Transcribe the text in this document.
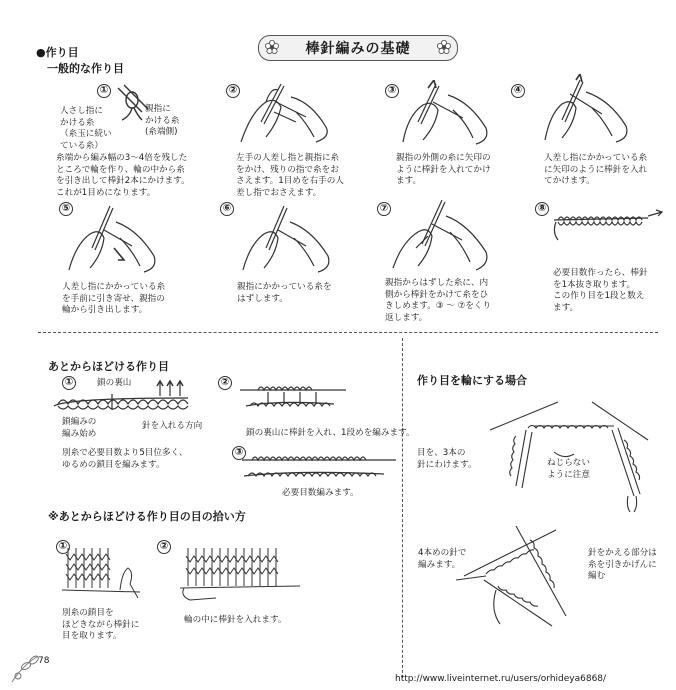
棒針編みの基礎
●作り目
一般的な作り目
①
人さし指に
かける糸
（糸玉に続い
ている糸）
親指に
かける糸
(糸端側)
糸端から編み幅の3〜4倍を残した
ところで輪を作り、輪の中から糸
を引き出して棒針2本にかけます。
これが1目めになります。
②
左手の人差し指と親指に糸
をかけ、残りの指で糸をお
さえます。1目めを右手の人
差し指でおさえます。
③
親指の外側の糸に矢印の
ように棒針を入れてかけ
ます。
④
人差し指にかかっている糸
に矢印のように棒針を入れ
てかけます。
⑤
人差し指にかかっている糸
を手前に引き寄せ、親指の
輪から引き出します。
⑥
親指にかかっている糸を
はずします。
⑦
親指からはずした糸に、内
側から棒針をかけて糸をひ
きしめます。③ 〜 ⑦をくり
返します。
⑧
必要目数作ったら、棒針
を1本抜き取ります。
この作り目を1段と数え
ます。
あとからほどける作り目
①	鎖の裏山
鎖編みの
編み始め
針を入れる方向
別糸で必要目数より5目位多く、
ゆるめの鎖目を編みます。
②
鎖の裏山に棒針を入れ、1段めを編みます。
③
必要目数編みます。
※あとからほどける作り目の目の拾い方
①
別糸の鎖目を
ほどきながら棒針に
目を取ります。
②
輪の中に棒針を入れます。
作り目を輪にする場合
目を、3本の
針にわけます。	ねじらない
ように注意
4本めの針で
編みます。
針をかえる部分は
糸を引きかげんに
編む
78
http://www.liveinternet.ru/users/orhideya6868/
